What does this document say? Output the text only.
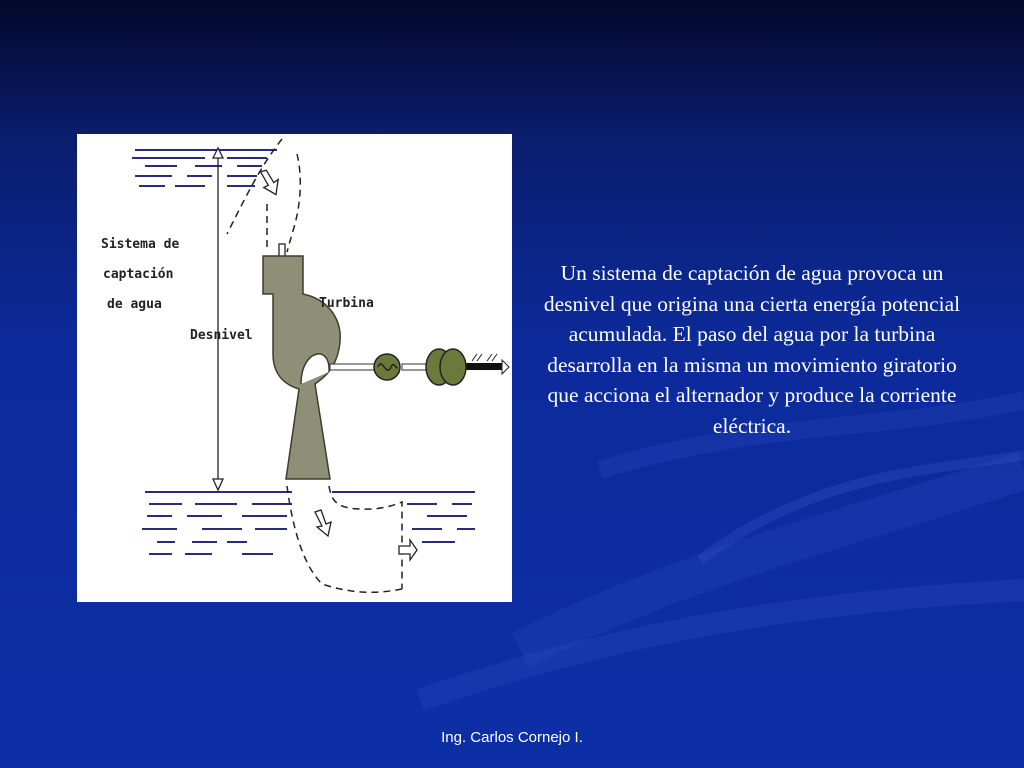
Sistema de
captación
de agua	Turbina
Desnivel

Un sistema de captación de agua provoca un desnivel que origina una cierta energía potencial acumulada. El paso del agua por la turbina desarrolla en la misma un movimiento giratorio que acciona el alternador y produce la corriente eléctrica.

Ing. Carlos Cornejo I.
